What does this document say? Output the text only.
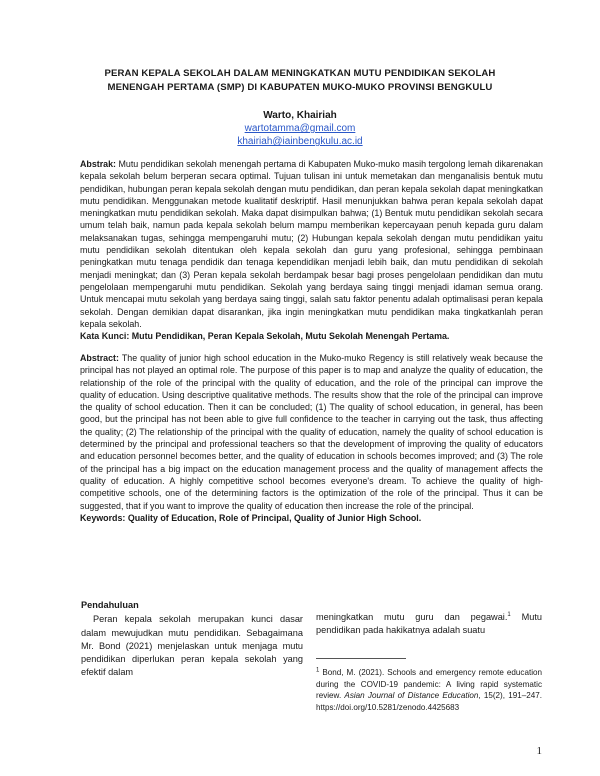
PERAN KEPALA SEKOLAH DALAM MENINGKATKAN MUTU PENDIDIKAN SEKOLAH
MENENGAH PERTAMA (SMP) DI KABUPATEN MUKO-MUKO PROVINSI BENGKULU
Warto, Khairiah
wartotamma@gmail.com
khairiah@iainbengkulu.ac.id

Abstrak: Mutu pendidikan sekolah menengah pertama di Kabupaten Muko-muko masih tergolong lemah dikarenakan kepala sekolah belum berperan secara optimal. Tujuan tulisan ini untuk memetakan dan menganalisis bentuk mutu pendidikan, hubungan peran kepala sekolah dengan mutu pendidikan, dan peran kepala sekolah dapat meningkatkan mutu pendidikan. Menggunakan metode kualitatif deskriptif. Hasil menunjukkan bahwa peran kepala sekolah dapat meningkatkan mutu pendidikan sekolah. Maka dapat disimpulkan bahwa; (1) Bentuk mutu pendidikan sekolah secara umum telah baik, namun pada kepala sekolah belum mampu memberikan kepercayaan penuh kepada guru dalam melaksanakan tugas, sehingga mempengaruhi mutu; (2) Hubungan kepala sekolah dengan mutu pendidikan yaitu mutu pendidikan sekolah ditentukan oleh kepala sekolah dan guru yang profesional, sehingga pembinaan peningkatkan mutu tenaga pendidik dan tenaga kependidikan menjadi lebih baik, dan mutu pendidikan di sekolah menjadi meningkat; dan (3) Peran kepala sekolah berdampak besar bagi proses pengelolaan pendidikan dan mutu pengelolaan mempengaruhi mutu pendidikan. Sekolah yang berdaya saing tinggi menjadi idaman semua orang. Untuk mencapai mutu sekolah yang berdaya saing tinggi, salah satu faktor penentu adalah optimalisasi peran kepala sekolah. Dengan demikian dapat disarankan, jika ingin meningkatkan mutu pendidikan maka tingkatkanlah peran kepala sekolah.

Kata Kunci: Mutu Pendidikan, Peran Kepala Sekolah, Mutu Sekolah Menengah Pertama.

Abstract: The quality of junior high school education in the Muko-muko Regency is still relatively weak because the principal has not played an optimal role. The purpose of this paper is to map and analyze the quality of education, the relationship of the role of the principal with the quality of education, and the role of the principal can improve the quality of education. Using descriptive qualitative methods. The results show that the role of the principal can improve the quality of school education. Then it can be concluded; (1) The quality of school education, in general, has been good, but the principal has not been able to give full confidence to the teacher in carrying out the task, thus affecting the quality; (2) The relationship of the principal with the quality of education, namely the quality of school education is determined by the principal and professional teachers so that the development of improving the quality of educators and education personnel becomes better, and the quality of education in schools becomes improved; and (3) The role of the principal has a big impact on the education management process and the quality of management affects the quality of education. A highly competitive school becomes everyone's dream. To achieve the quality of high-competitive schools, one of the determining factors is the optimization of the role of the principal. Thus it can be suggested, that if you want to improve the quality of education then increase the role of the principal.

Keywords: Quality of Education, Role of Principal, Quality of Junior High School.

Pendahuluan
Peran kepala sekolah merupakan kunci dasar dalam mewujudkan mutu pendidikan. Sebagaimana Mr. Bond (2021) menjelaskan untuk menjaga mutu pendidikan diperlukan peran kepala sekolah yang efektif dalam
meningkatkan mutu guru dan pegawai.$^1$ Mutu pendidikan pada hakikatnya adalah suatu
$^1$ Bond, M. (2021). Schools and emergency remote education during the COVID-19 pandemic: A living rapid systematic review. Asian Journal of Distance Education, 15(2), 191–247. https://doi.org/10.5281/zenodo.4425683
1
